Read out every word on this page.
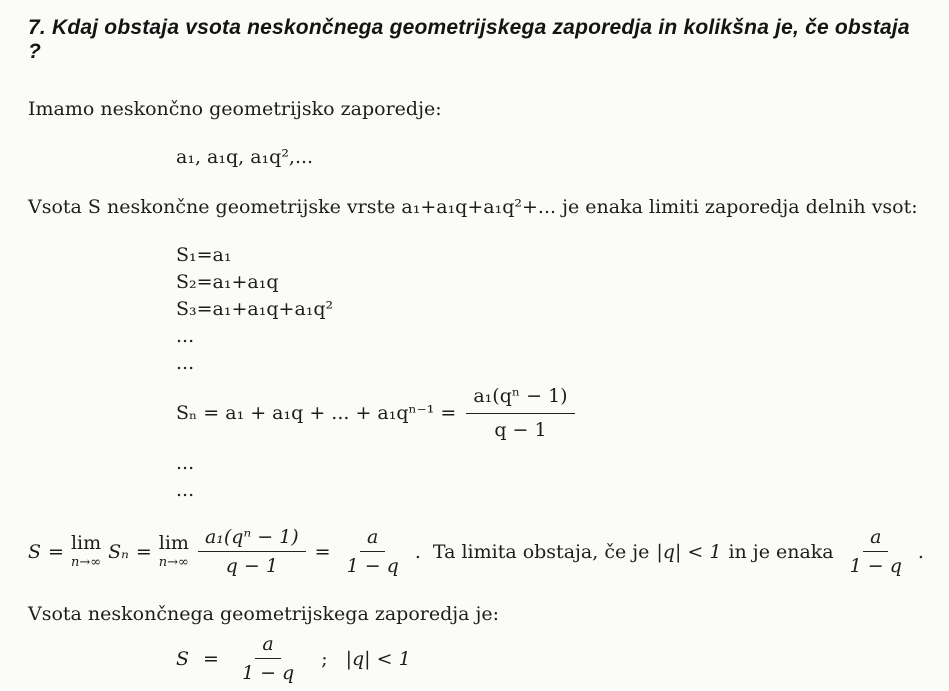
7. Kdaj obstaja vsota neskončnega geometrijskega zaporedja in kolikšna je, če obstaja ?

Imamo neskončno geometrijsko zaporedje:

a₁, a₁q, a₁q²,...

Vsota S neskončne geometrijske vrste a₁+a₁q+a₁q²+... je enaka limiti zaporedja delnih vsot:

S₁=a₁
S₂=a₁+a₁q
S₃=a₁+a₁q+a₁q²
...
...
Sₙ = a₁ + a₁q + ... + $a_1q^{n-1} = \frac{\text{a₁(qⁿ − 1)}}{q - 1}$
...
...
S = lim
n→∞ Sₙ = lim
$n\to\infty \frac{\text{a₁(qⁿ − 1)}}{q - 1} = \frac{a}{1 - q}$ . Ta limita obstaja, če je |q| < 1 in je enaka $\frac{a}{1 - q}$ .

Vsota neskončnega geometrijskega zaporedja je:

$S = \frac{a}{1 - q}$ ; |q| < 1
